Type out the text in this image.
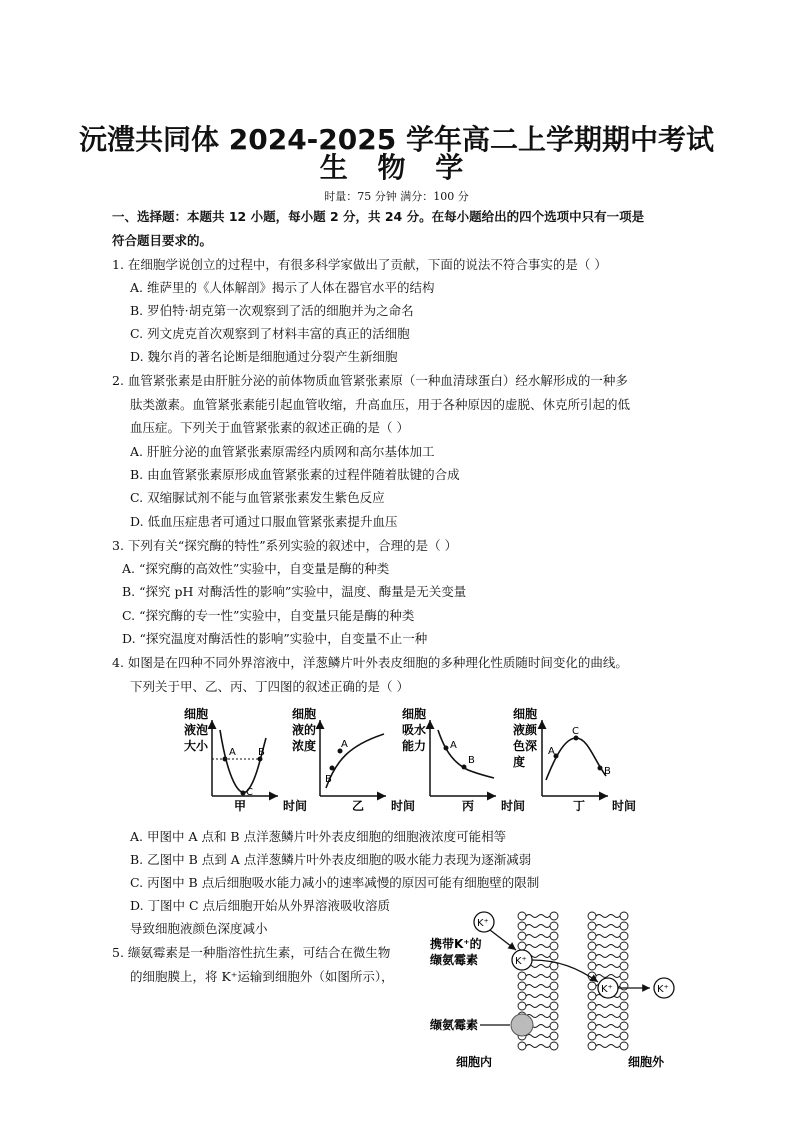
沅澧共同体 2024-2025 学年高二上学期期中考试
生 物 学
时量：75 分钟 满分：100 分
一、选择题：本题共 12 小题，每小题 2 分，共 24 分。在每小题给出的四个选项中只有一项是
符合题目要求的。
1. 在细胞学说创立的过程中，有很多科学家做出了贡献，下面的说法不符合事实的是（ ）
A. 维萨里的《人体解剖》揭示了人体在器官水平的结构
B. 罗伯特·胡克第一次观察到了活的细胞并为之命名
C. 列文虎克首次观察到了材料丰富的真正的活细胞
D. 魏尔肖的著名论断是细胞通过分裂产生新细胞
2. 血管紧张素是由肝脏分泌的前体物质血管紧张素原（一种血清球蛋白）经水解形成的一种多
肽类激素。血管紧张素能引起血管收缩，升高血压，用于各种原因的虚脱、休克所引起的低
血压症。下列关于血管紧张素的叙述正确的是（ ）
A. 肝脏分泌的血管紧张素原需经内质网和高尔基体加工
B. 由血管紧张素原形成血管紧张素的过程伴随着肽键的合成
C. 双缩脲试剂不能与血管紧张素发生紫色反应
D. 低血压症患者可通过口服血管紧张素提升血压
3. 下列有关“探究酶的特性”系列实验的叙述中，合理的是（ ）
A. “探究酶的高效性”实验中，自变量是酶的种类
B. “探究 pH 对酶活性的影响”实验中，温度、酶量是无关变量
C. “探究酶的专一性”实验中，自变量只能是酶的种类
D. “探究温度对酶活性的影响”实验中，自变量不止一种
4. 如图是在四种不同外界溶液中，洋葱鳞片叶外表皮细胞的多种理化性质随时间变化的曲线。
下列关于甲、乙、丙、丁四图的叙述正确的是（ ）
细胞
液泡
大小 A B
C
甲	时间
细胞
液的
浓度 A
B
乙 时间
细胞
吸水
能力 A
B
丙 时间
细胞
液颜
色深
度
A
C
B
丁 时间
A. 甲图中 A 点和 B 点洋葱鳞片叶外表皮细胞的细胞液浓度可能相等
B. 乙图中 B 点到 A 点洋葱鳞片叶外表皮细胞的吸水能力表现为逐渐减弱
C. 丙图中 B 点后细胞吸水能力减小的速率减慢的原因可能有细胞壁的限制
D. 丁图中 C 点后细胞开始从外界溶液吸收溶质
导致细胞液颜色深度减小
5. 缬氨霉素是一种脂溶性抗生素，可结合在微生物
的细胞膜上，将 K⁺运输到细胞外（如图所示），
K⁺
K⁺
K⁺	K⁺
携带K⁺的
缬氨霉素
缬氨霉素
细胞内	细胞外
